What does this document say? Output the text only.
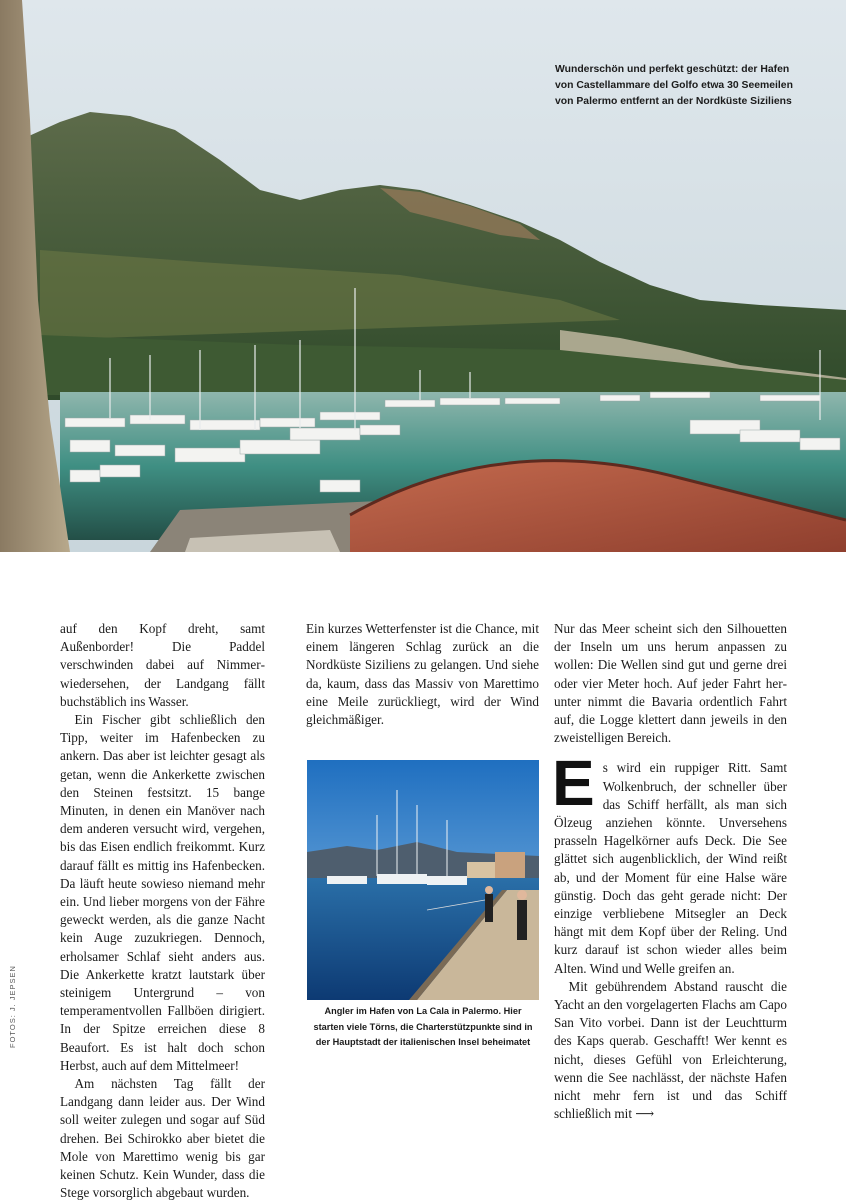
Wunderschön und perfekt geschützt: der Hafen
von Castellammare del Golfo etwa 30 Seemeilen
von Palermo entfernt an der Nordküste Siziliens

auf den Kopf dreht, samt Außenborder! Die Paddel verschwinden dabei auf Nimmerwiedersehen, der Landgang fällt buchstäblich ins Wasser.

Ein Fischer gibt schließlich den Tipp, weiter im Hafenbecken zu ankern. Das aber ist leichter gesagt als getan, wenn die Ankerkette zwischen den Steinen festsitzt. 15 bange Minuten, in denen ein Manöver nach dem anderen versucht wird, vergehen, bis das Eisen endlich freikommt. Kurz darauf fällt es mittig ins Hafenbecken. Da läuft heute sowieso niemand mehr ein. Und lieber morgens von der Fähre geweckt werden, als die ganze Nacht kein Auge zuzukriegen. Dennoch, erholsamer Schlaf sieht anders aus. Die Ankerkette kratzt lautstark über steinigem Untergrund – von temperamentvollen Fallböen dirigiert. In der Spitze erreichen diese 8 Beaufort. Es ist halt doch schon Herbst, auch auf dem Mittelmeer!

Am nächsten Tag fällt der Landgang dann leider aus. Der Wind soll weiter zulegen und sogar auf Süd drehen. Bei Schirokko aber bietet die Mole von Marettimo wenig bis gar keinen Schutz. Kein Wunder, dass die Stege vorsorglich abgebaut wurden.

Ein kurzes Wetterfenster ist die Chance, mit einem längeren Schlag zurück an die Nordküste Siziliens zu gelangen. Und siehe da, kaum, dass das Massiv von Marettimo eine Meile zurückliegt, wird der Wind gleichmäßiger.

Angler im Hafen von La Cala in Palermo. Hier
starten viele Törns, die Charterstützpunkte sind in
der Hauptstadt der italienischen Insel beheimatet

Nur das Meer scheint sich den Silhouetten der Inseln um uns herum anpassen zu wollen: Die Wellen sind gut und gerne drei oder vier Meter hoch. Auf jeder Fahrt herunter nimmt die Bavaria ordentlich Fahrt auf, die Logge klettert dann jeweils in den zweistelligen Bereich.

Es wird ein ruppiger Ritt. Samt Wolkenbruch, der schneller über das Schiff herfällt, als man sich Ölzeug anziehen könnte. Unversehens prasseln Hagelkörner aufs Deck. Die See glättet sich augenblicklich, der Wind reißt ab, und der Moment für eine Halse wäre günstig. Doch das geht gerade nicht: Der einzige verbliebene Mitsegler an Deck hängt mit dem Kopf über der Reling. Und kurz darauf ist schon wieder alles beim Alten. Wind und Welle greifen an.

Mit gebührendem Abstand rauscht die Yacht an den vorgelagerten Flachs am Capo San Vito vorbei. Dann ist der Leuchtturm des Kaps querab. Geschafft! Wer kennt es nicht, dieses Gefühl von Erleichterung, wenn die See nachlässt, der nächste Hafen nicht mehr fern ist und das Schiff schließlich mit ⟶

FOTOS: J. JEPSEN
